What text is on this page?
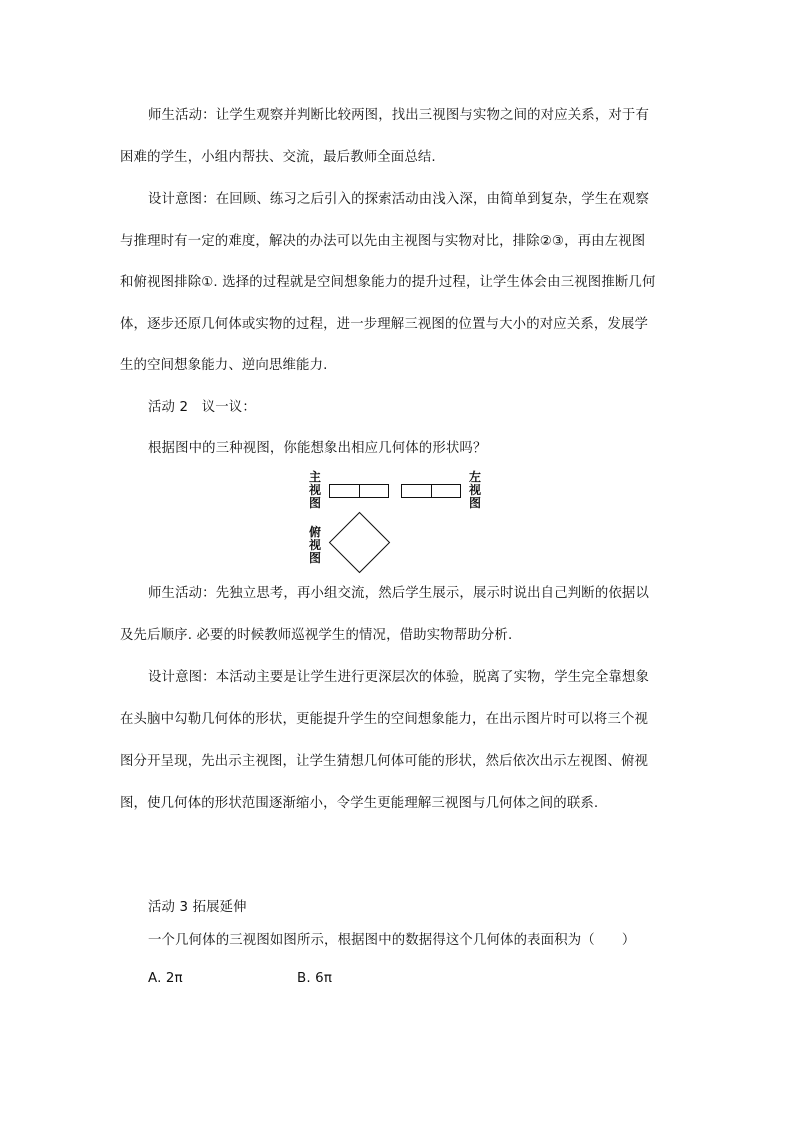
师生活动：让学生观察并判断比较两图，找出三视图与实物之间的对应关系，对于有
困难的学生，小组内帮扶、交流，最后教师全面总结.
设计意图：在回顾、练习之后引入的探索活动由浅入深，由简单到复杂，学生在观察
与推理时有一定的难度，解决的办法可以先由主视图与实物对比，排除②③，再由左视图
和俯视图排除①. 选择的过程就是空间想象能力的提升过程，让学生体会由三视图推断几何
体，逐步还原几何体或实物的过程，进一步理解三视图的位置与大小的对应关系，发展学
生的空间想象能力、逆向思维能力.
活动 2　议一议：
根据图中的三种视图，你能想象出相应几何体的形状吗？
主视图
左视图
俯视图
师生活动：先独立思考，再小组交流，然后学生展示，展示时说出自己判断的依据以
及先后顺序. 必要的时候教师巡视学生的情况，借助实物帮助分析.
设计意图：本活动主要是让学生进行更深层次的体验，脱离了实物，学生完全靠想象
在头脑中勾勒几何体的形状，更能提升学生的空间想象能力，在出示图片时可以将三个视
图分开呈现，先出示主视图，让学生猜想几何体可能的形状，然后依次出示左视图、俯视
图，使几何体的形状范围逐渐缩小，令学生更能理解三视图与几何体之间的联系.
活动 3 拓展延伸
一个几何体的三视图如图所示，根据图中的数据得这个几何体的表面积为（　　）
A. 2π	B. 6π
